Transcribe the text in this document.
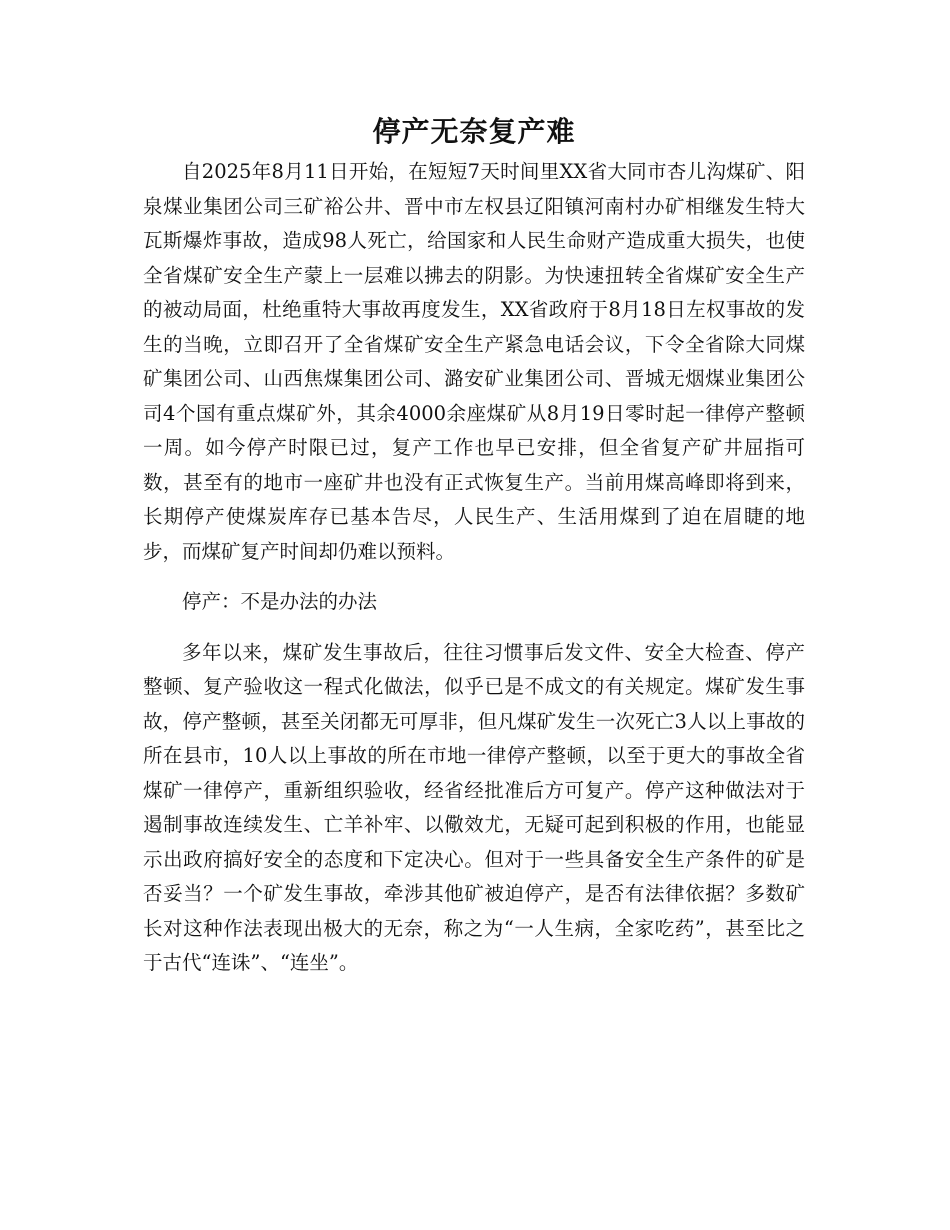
停产无奈复产难

自2025年8月11日开始，在短短7天时间里XX省大同市杏儿沟煤矿、阳泉煤业集团公司三矿裕公井、晋中市左权县辽阳镇河南村办矿相继发生特大瓦斯爆炸事故，造成98人死亡，给国家和人民生命财产造成重大损失，也使全省煤矿安全生产蒙上一层难以拂去的阴影。为快速扭转全省煤矿安全生产的被动局面，杜绝重特大事故再度发生，XX省政府于8月18日左权事故的发生的当晚，立即召开了全省煤矿安全生产紧急电话会议，下令全省除大同煤矿集团公司、山西焦煤集团公司、潞安矿业集团公司、晋城无烟煤业集团公司4个国有重点煤矿外，其余4000余座煤矿从8月19日零时起一律停产整顿一周。如今停产时限已过，复产工作也早已安排，但全省复产矿井屈指可数，甚至有的地市一座矿井也没有正式恢复生产。当前用煤高峰即将到来，长期停产使煤炭库存已基本告尽，人民生产、生活用煤到了迫在眉睫的地步，而煤矿复产时间却仍难以预料。

停产：不是办法的办法

多年以来，煤矿发生事故后，往往习惯事后发文件、安全大检查、停产整顿、复产验收这一程式化做法，似乎已是不成文的有关规定。煤矿发生事故，停产整顿，甚至关闭都无可厚非，但凡煤矿发生一次死亡3人以上事故的所在县市，10人以上事故的所在市地一律停产整顿，以至于更大的事故全省煤矿一律停产，重新组织验收，经省经批准后方可复产。停产这种做法对于遏制事故连续发生、亡羊补牢、以儆效尤，无疑可起到积极的作用，也能显示出政府搞好安全的态度和下定决心。但对于一些具备安全生产条件的矿是否妥当？一个矿发生事故，牵涉其他矿被迫停产，是否有法律依据？多数矿长对这种作法表现出极大的无奈，称之为“一人生病，全家吃药”，甚至比之于古代“连诛”、“连坐”。
